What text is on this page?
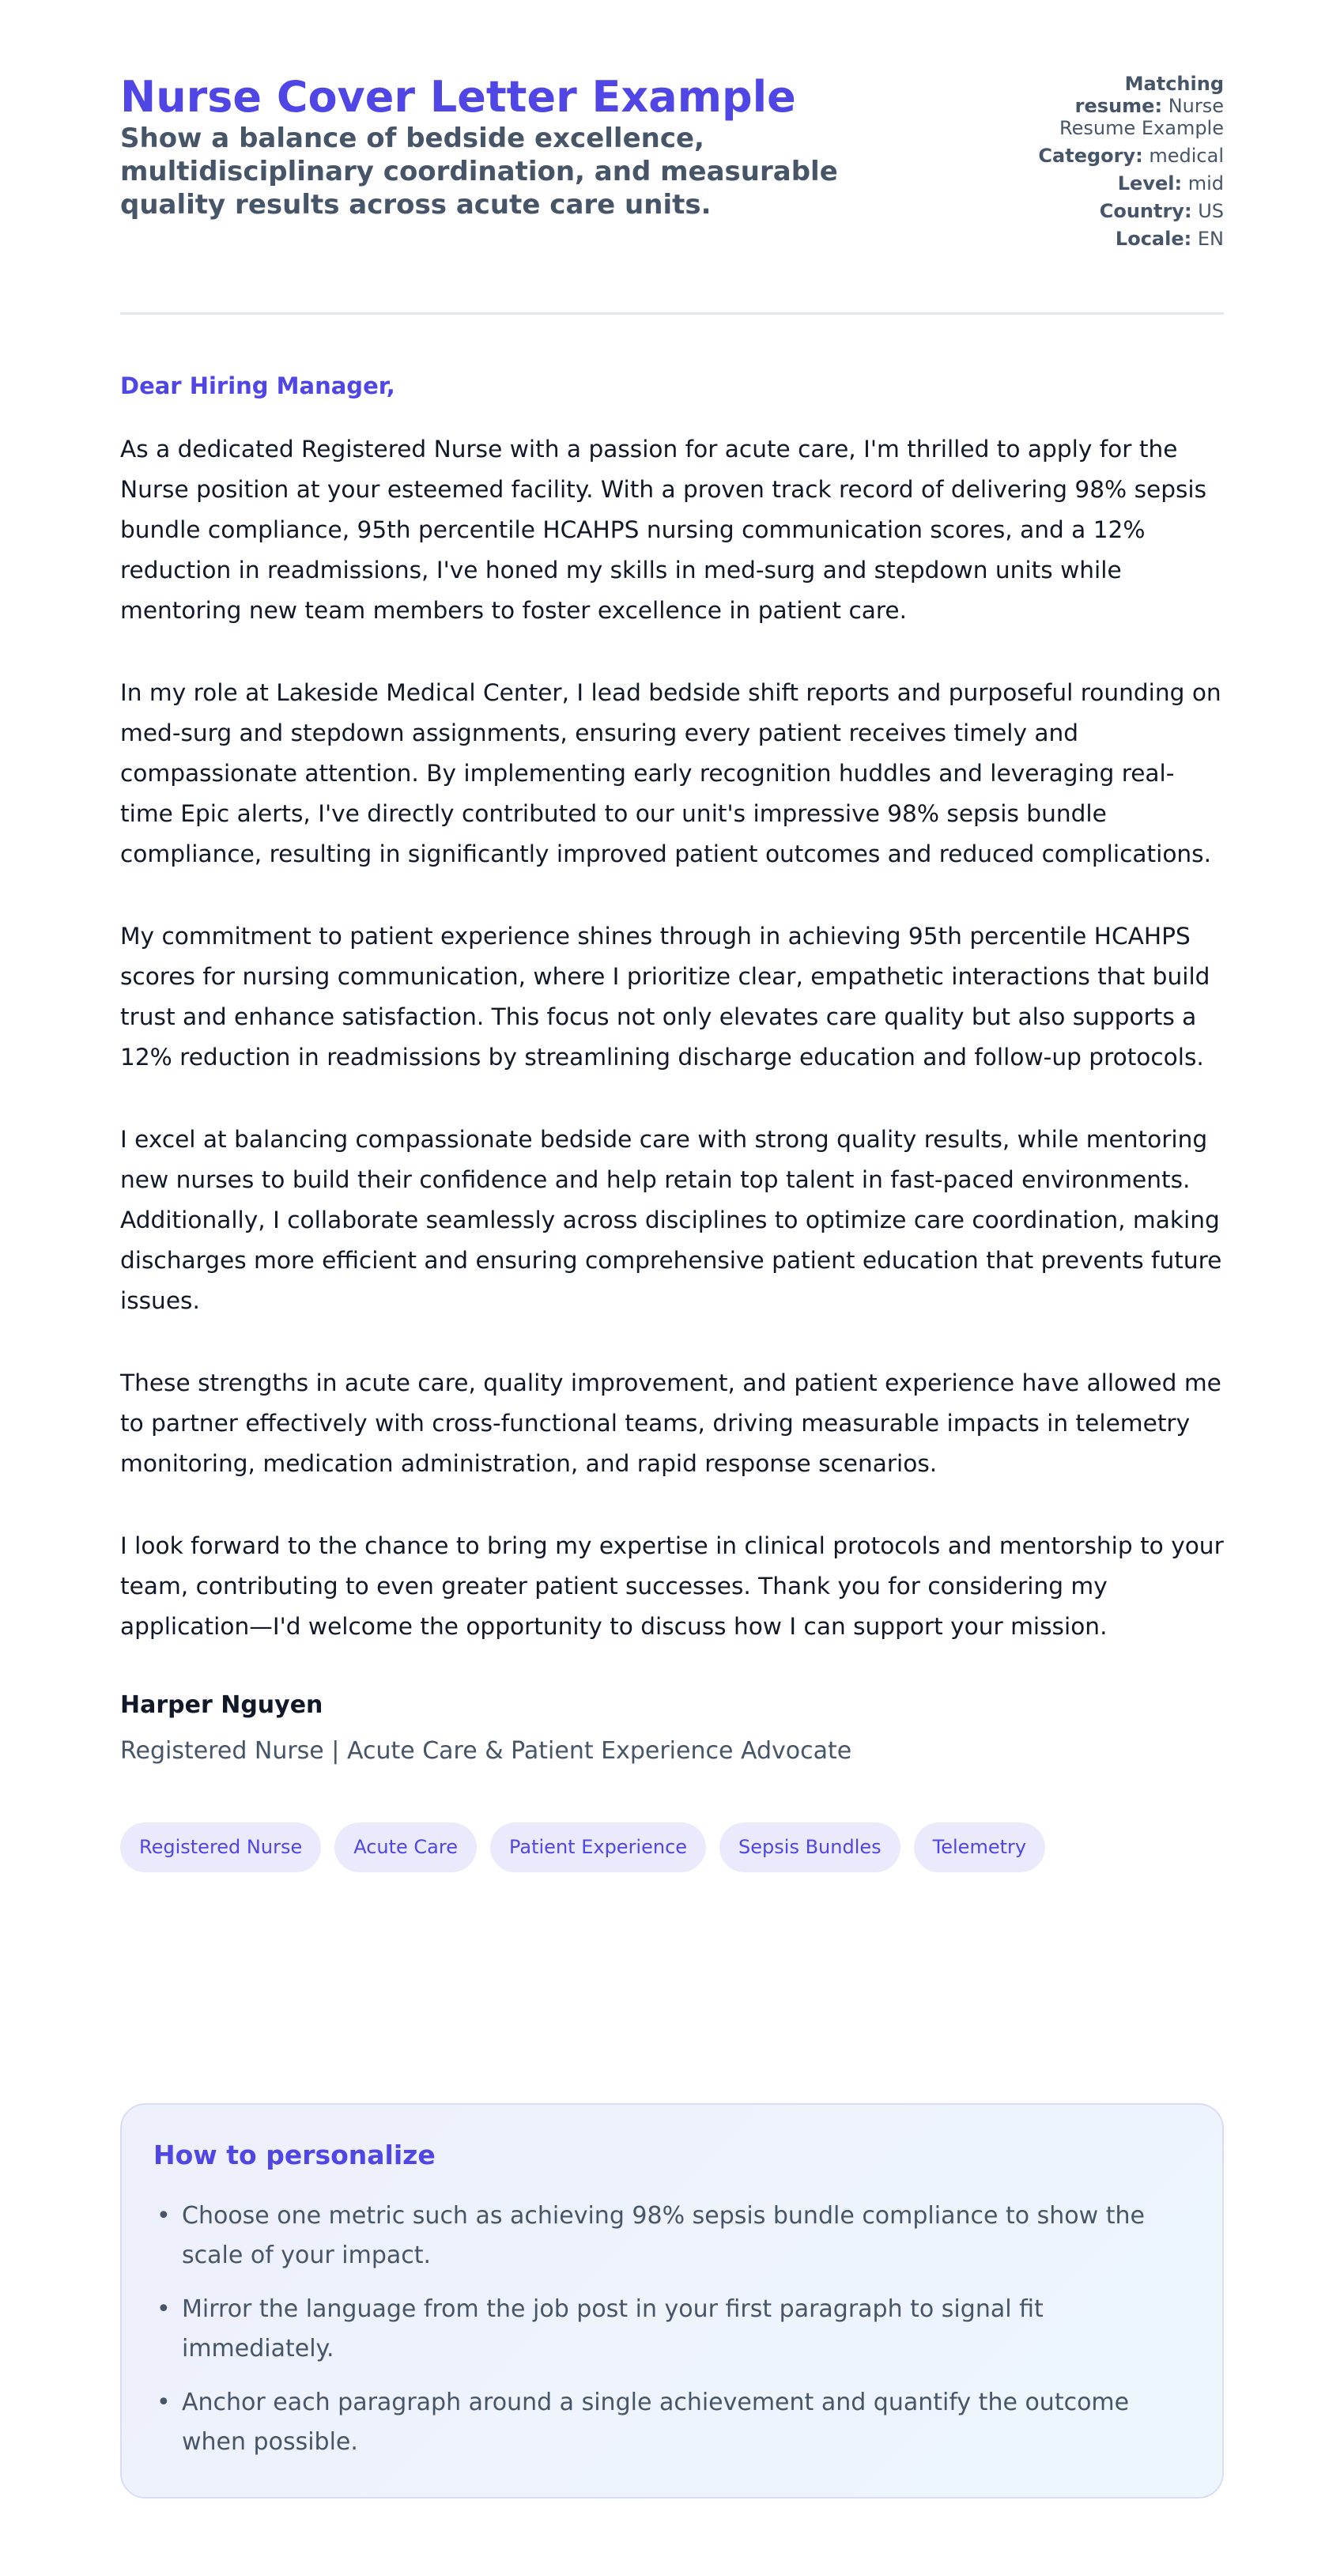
Nurse Cover Letter Example
Show a balance of bedside excellence, multidisciplinary coordination, and measurable quality results across acute care units.
Matching resume: Nurse Resume Example
Category: medical
Level: mid
Country: US
Locale: EN
Dear Hiring Manager,

As a dedicated Registered Nurse with a passion for acute care, I'm thrilled to apply for the Nurse position at your esteemed facility. With a proven track record of delivering 98% sepsis bundle compliance, 95th percentile HCAHPS nursing communication scores, and a 12% reduction in readmissions, I've honed my skills in med-surg and stepdown units while mentoring new team members to foster excellence in patient care.

In my role at Lakeside Medical Center, I lead bedside shift reports and purposeful rounding on med-surg and stepdown assignments, ensuring every patient receives timely and compassionate attention. By implementing early recognition huddles and leveraging real-time Epic alerts, I've directly contributed to our unit's impressive 98% sepsis bundle compliance, resulting in significantly improved patient outcomes and reduced complications.

My commitment to patient experience shines through in achieving 95th percentile HCAHPS scores for nursing communication, where I prioritize clear, empathetic interactions that build trust and enhance satisfaction. This focus not only elevates care quality but also supports a 12% reduction in readmissions by streamlining discharge education and follow-up protocols.

I excel at balancing compassionate bedside care with strong quality results, while mentoring new nurses to build their confidence and help retain top talent in fast-paced environments. Additionally, I collaborate seamlessly across disciplines to optimize care coordination, making discharges more efficient and ensuring comprehensive patient education that prevents future issues.

These strengths in acute care, quality improvement, and patient experience have allowed me to partner effectively with cross-functional teams, driving measurable impacts in telemetry monitoring, medication administration, and rapid response scenarios.

I look forward to the chance to bring my expertise in clinical protocols and mentorship to your team, contributing to even greater patient successes. Thank you for considering my application—I'd welcome the opportunity to discuss how I can support your mission.

Harper Nguyen
Registered Nurse | Acute Care & Patient Experience Advocate
Registered Nurse	Acute Care	Patient Experience	Sepsis Bundles	Telemetry
How to personalize
• Choose one metric such as achieving 98% sepsis bundle compliance to show the scale of your impact.
• Mirror the language from the job post in your first paragraph to signal fit immediately.
• Anchor each paragraph around a single achievement and quantify the outcome when possible.
